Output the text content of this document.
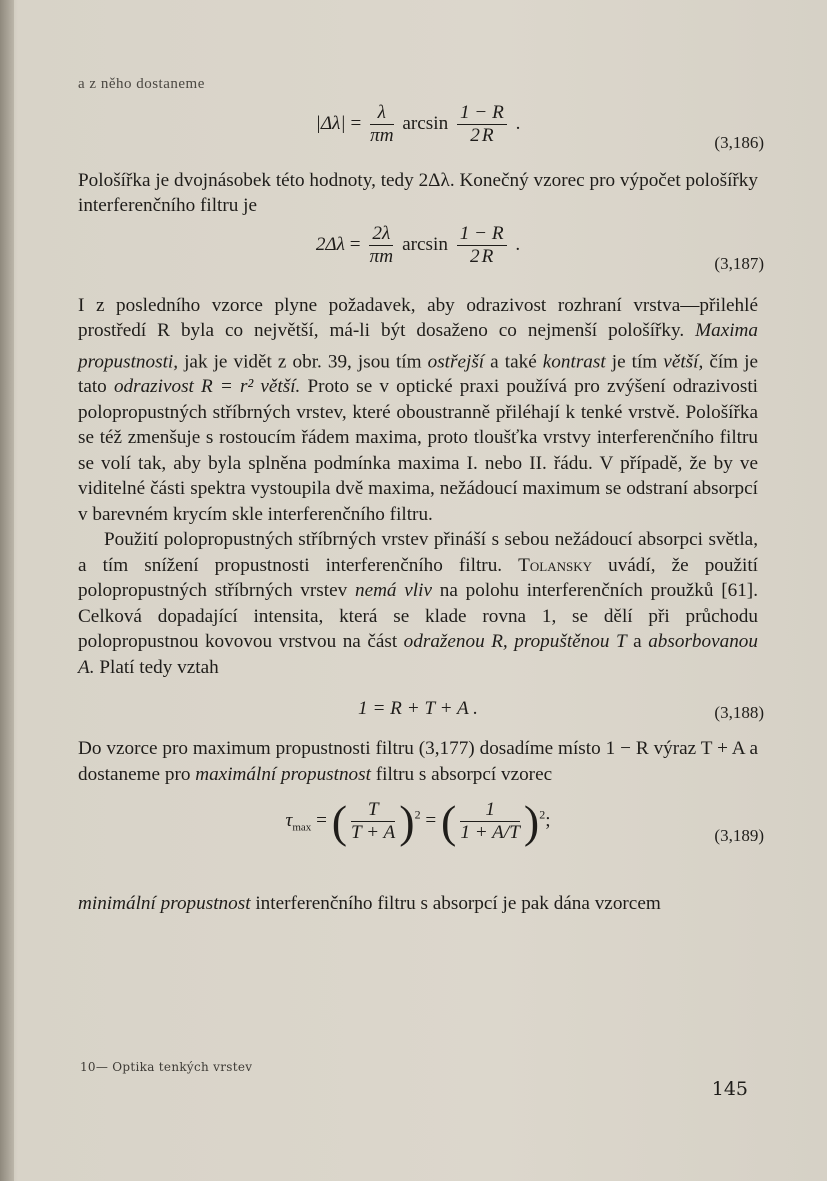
a z něho dostaneme
$|\Delta\lambda| = \frac{\lambda}{\pi m}$ $\arcsin \frac{1 - R}{2 R}$ .
(3,186)

Pološířka je dvojnásobek této hodnoty, tedy 2Δλ. Konečný vzorec pro výpočet pološířky interferenčního filtru je

$2\Delta\lambda = \frac{2\lambda}{\pi m}$ $\arcsin \frac{1 - R}{2 R}$ .
(3,187)

I z posledního vzorce plyne požadavek, aby odrazivost rozhraní vrstva—přilehlé prostředí R byla co největší, má-li být dosaženo co nejmenší pološířky. Maxima propustnosti, jak je vidět z obr. 39, jsou tím ostřejší a také kontrast je tím větší, čím je tato odrazivost R = r² větší. Proto se v optické praxi používá pro zvýšení odrazivosti polopropustných stříbrných vrstev, které oboustranně přiléhají k tenké vrstvě. Pološířka se též zmenšuje s rostoucím řádem maxima, proto tloušťka vrstvy interferenčního filtru se volí tak, aby byla splněna podmínka maxima I. nebo II. řádu. V případě, že by ve viditelné části spektra vystoupila dvě maxima, nežádoucí maximum se odstraní absorpcí v barevném krycím skle interferenčního filtru.

Použití polopropustných stříbrných vrstev přináší s sebou nežádoucí absorpci světla, a tím snížení propustnosti interferenčního filtru. Tolansky uvádí, že použití polopropustných stříbrných vrstev nemá vliv na polohu interferenčních proužků [61]. Celková dopadající intensita, která se klade rovna 1, se dělí při průchodu polopropustnou kovovou vrstvou na část odraženou R, propuštěnou T a absorbovanou A. Platí tedy vztah

1 = R + T + A .	(3,188)

Do vzorce pro maximum propustnosti filtru (3,177) dosadíme místo 1 − R výraz T + A a dostaneme pro maximální propustnost filtru s absorpcí vzorec

$\tau_{max}$ = ( $\frac{T}{T + A} )^2$ = ( $\frac{1}{1 + A/T} )^2$;
(3,189)

minimální propustnost interferenčního filtru s absorpcí je pak dána vzorcem

10— Optika tenkých vrstev
145
